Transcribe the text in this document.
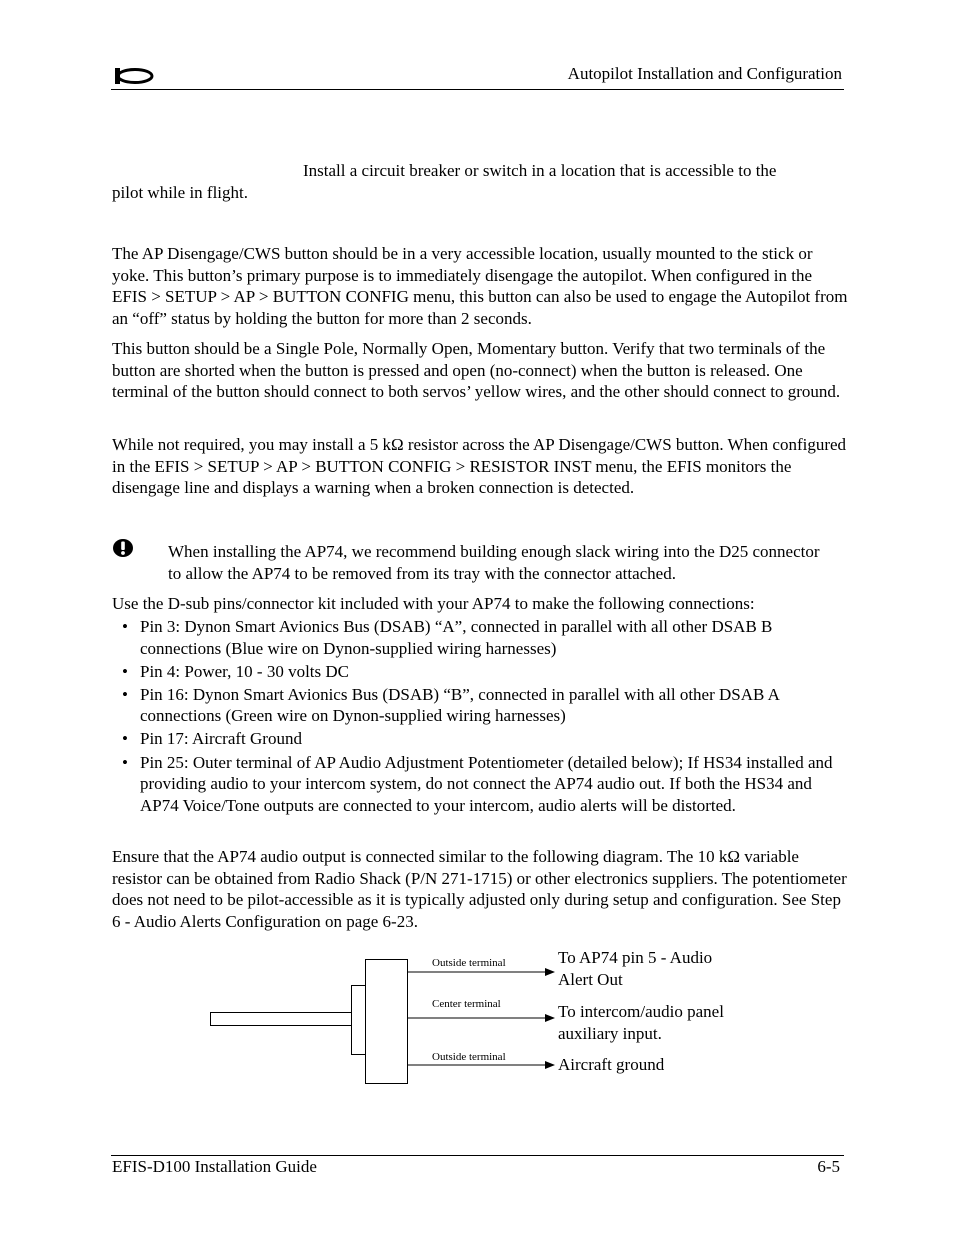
Autopilot Installation and Configuration
Install a circuit breaker or switch in a location that is accessible to the
pilot while in flight.

The AP Disengage/CWS button should be in a very accessible location, usually mounted to the stick or yoke. This button’s primary purpose is to immediately disengage the autopilot. When configured in the EFIS > SETUP > AP > BUTTON CONFIG menu, this button can also be used to engage the Autopilot from an “off” status by holding the button for more than 2 seconds.

This button should be a Single Pole, Normally Open, Momentary button. Verify that two terminals of the button are shorted when the button is pressed and open (no-connect) when the button is released. One terminal of the button should connect to both servos’ yellow wires, and the other should connect to ground.

While not required, you may install a 5 kΩ resistor across the AP Disengage/CWS button. When configured in the EFIS > SETUP > AP > BUTTON CONFIG > RESISTOR INST menu, the EFIS monitors the disengage line and displays a warning when a broken connection is detected.

When installing the AP74, we recommend building enough slack wiring into the D25 connector to allow the AP74 to be removed from its tray with the connector attached.

Use the D-sub pins/connector kit included with your AP74 to make the following connections:

• Pin 3: Dynon Smart Avionics Bus (DSAB) “A”, connected in parallel with all other DSAB B connections (Blue wire on Dynon-supplied wiring harnesses)
• Pin 4: Power, 10 - 30 volts DC
• Pin 16: Dynon Smart Avionics Bus (DSAB) “B”, connected in parallel with all other DSAB A connections (Green wire on Dynon-supplied wiring harnesses)
• Pin 17: Aircraft Ground
• Pin 25: Outer terminal of AP Audio Adjustment Potentiometer (detailed below); If HS34 installed and providing audio to your intercom system, do not connect the AP74 audio out. If both the HS34 and AP74 Voice/Tone outputs are connected to your intercom, audio alerts will be distorted.

Ensure that the AP74 audio output is connected similar to the following diagram. The 10 kΩ variable resistor can be obtained from Radio Shack (P/N 271-1715) or other electronics suppliers. The potentiometer does not need to be pilot-accessible as it is typically adjusted only during setup and configuration. See Step 6 - Audio Alerts Configuration on page 6-23.

Outside terminal
Center terminal
Outside terminal
To AP74 pin 5 - Audio Alert Out
To intercom/audio panel auxiliary input.
Aircraft ground
EFIS-D100 Installation Guide	6-5
